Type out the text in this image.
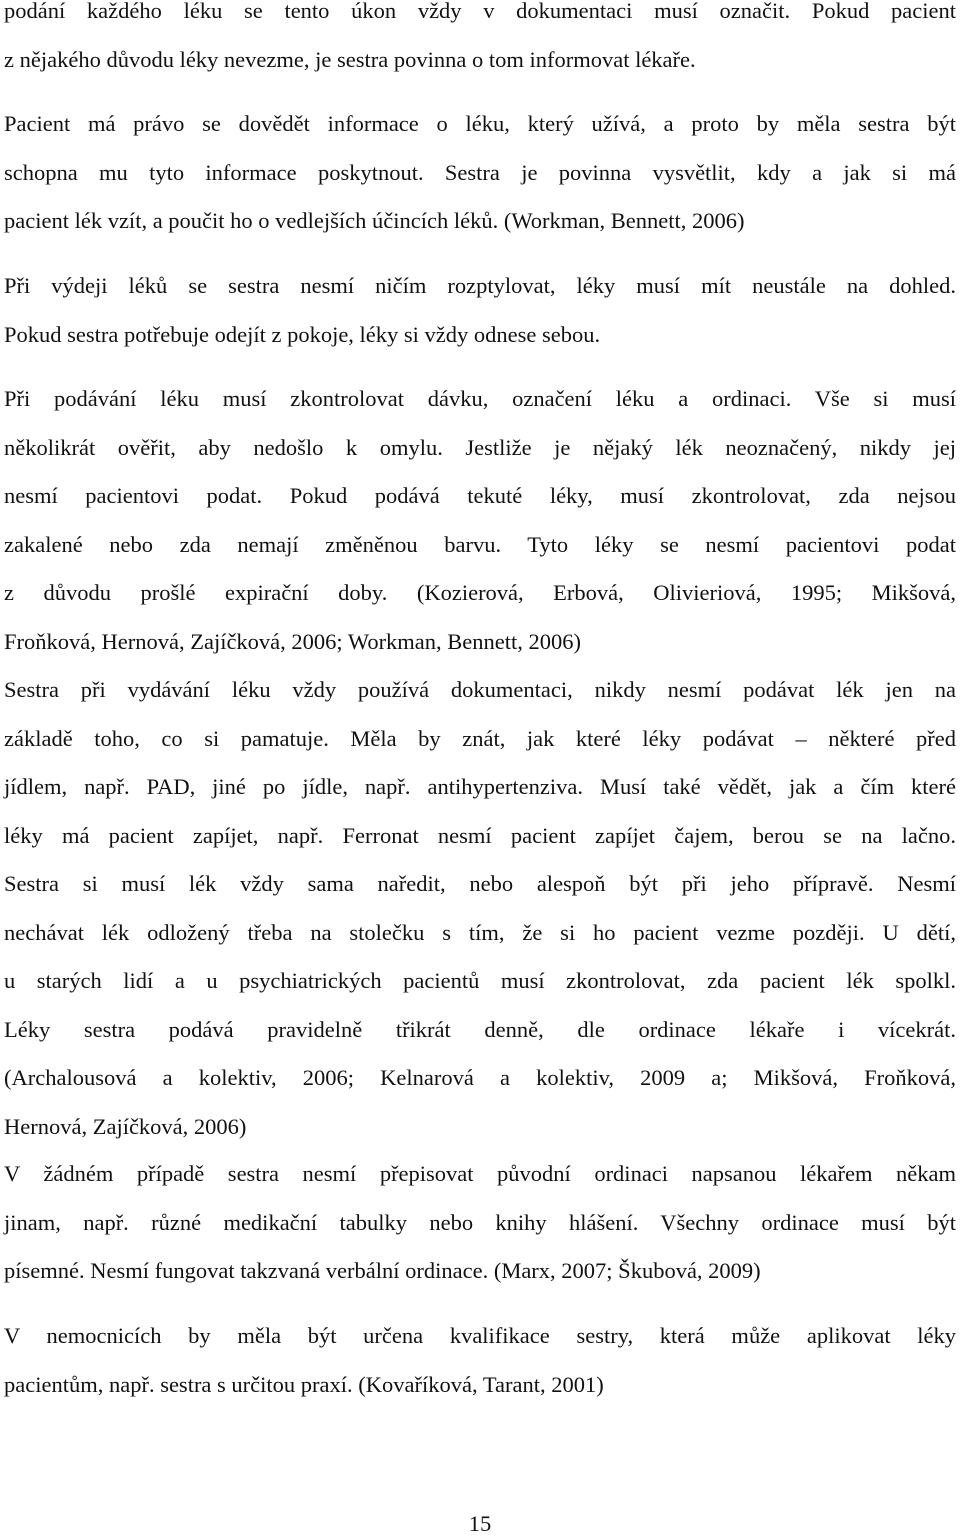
podání každého léku se tento úkon vždy v dokumentaci musí označit. Pokud pacient
z nějakého důvodu léky nevezme, je sestra povinna o tom informovat lékaře.
Pacient má právo se dovědět informace o léku, který užívá, a proto by měla sestra být
schopna mu tyto informace poskytnout. Sestra je povinna vysvětlit, kdy a jak si má
pacient lék vzít, a poučit ho o vedlejších účincích léků. (Workman, Bennett, 2006)
Při výdeji léků se sestra nesmí ničím rozptylovat, léky musí mít neustále na dohled.
Pokud sestra potřebuje odejít z pokoje, léky si vždy odnese sebou.
Při podávání léku musí zkontrolovat dávku, označení léku a ordinaci. Vše si musí
několikrát ověřit, aby nedošlo k omylu. Jestliže je nějaký lék neoznačený, nikdy jej
nesmí pacientovi podat. Pokud podává tekuté léky, musí zkontrolovat, zda nejsou
zakalené nebo zda nemají změněnou barvu. Tyto léky se nesmí pacientovi podat
z důvodu prošlé expirační doby. (Kozierová, Erbová, Olivieriová, 1995; Mikšová,
Froňková, Hernová, Zajíčková, 2006; Workman, Bennett, 2006)
Sestra při vydávání léku vždy používá dokumentaci, nikdy nesmí podávat lék jen na
základě toho, co si pamatuje. Měla by znát, jak které léky podávat – některé před
jídlem, např. PAD, jiné po jídle, např. antihypertenziva. Musí také vědět, jak a čím které
léky má pacient zapíjet, např. Ferronat nesmí pacient zapíjet čajem, berou se na lačno.
Sestra si musí lék vždy sama naředit, nebo alespoň být při jeho přípravě. Nesmí
nechávat lék odložený třeba na stolečku s tím, že si ho pacient vezme později. U dětí,
u starých lidí a u psychiatrických pacientů musí zkontrolovat, zda pacient lék spolkl.
Léky sestra podává pravidelně třikrát denně, dle ordinace lékaře i vícekrát.
(Archalousová a kolektiv, 2006; Kelnarová a kolektiv, 2009 a; Mikšová, Froňková,
Hernová, Zajíčková, 2006)
V žádném případě sestra nesmí přepisovat původní ordinaci napsanou lékařem někam
jinam, např. různé medikační tabulky nebo knihy hlášení. Všechny ordinace musí být
písemné. Nesmí fungovat takzvaná verbální ordinace. (Marx, 2007; Škubová, 2009)
V nemocnicích by měla být určena kvalifikace sestry, která může aplikovat léky
pacientům, např. sestra s určitou praxí. (Kovaříková, Tarant, 2001)
15
